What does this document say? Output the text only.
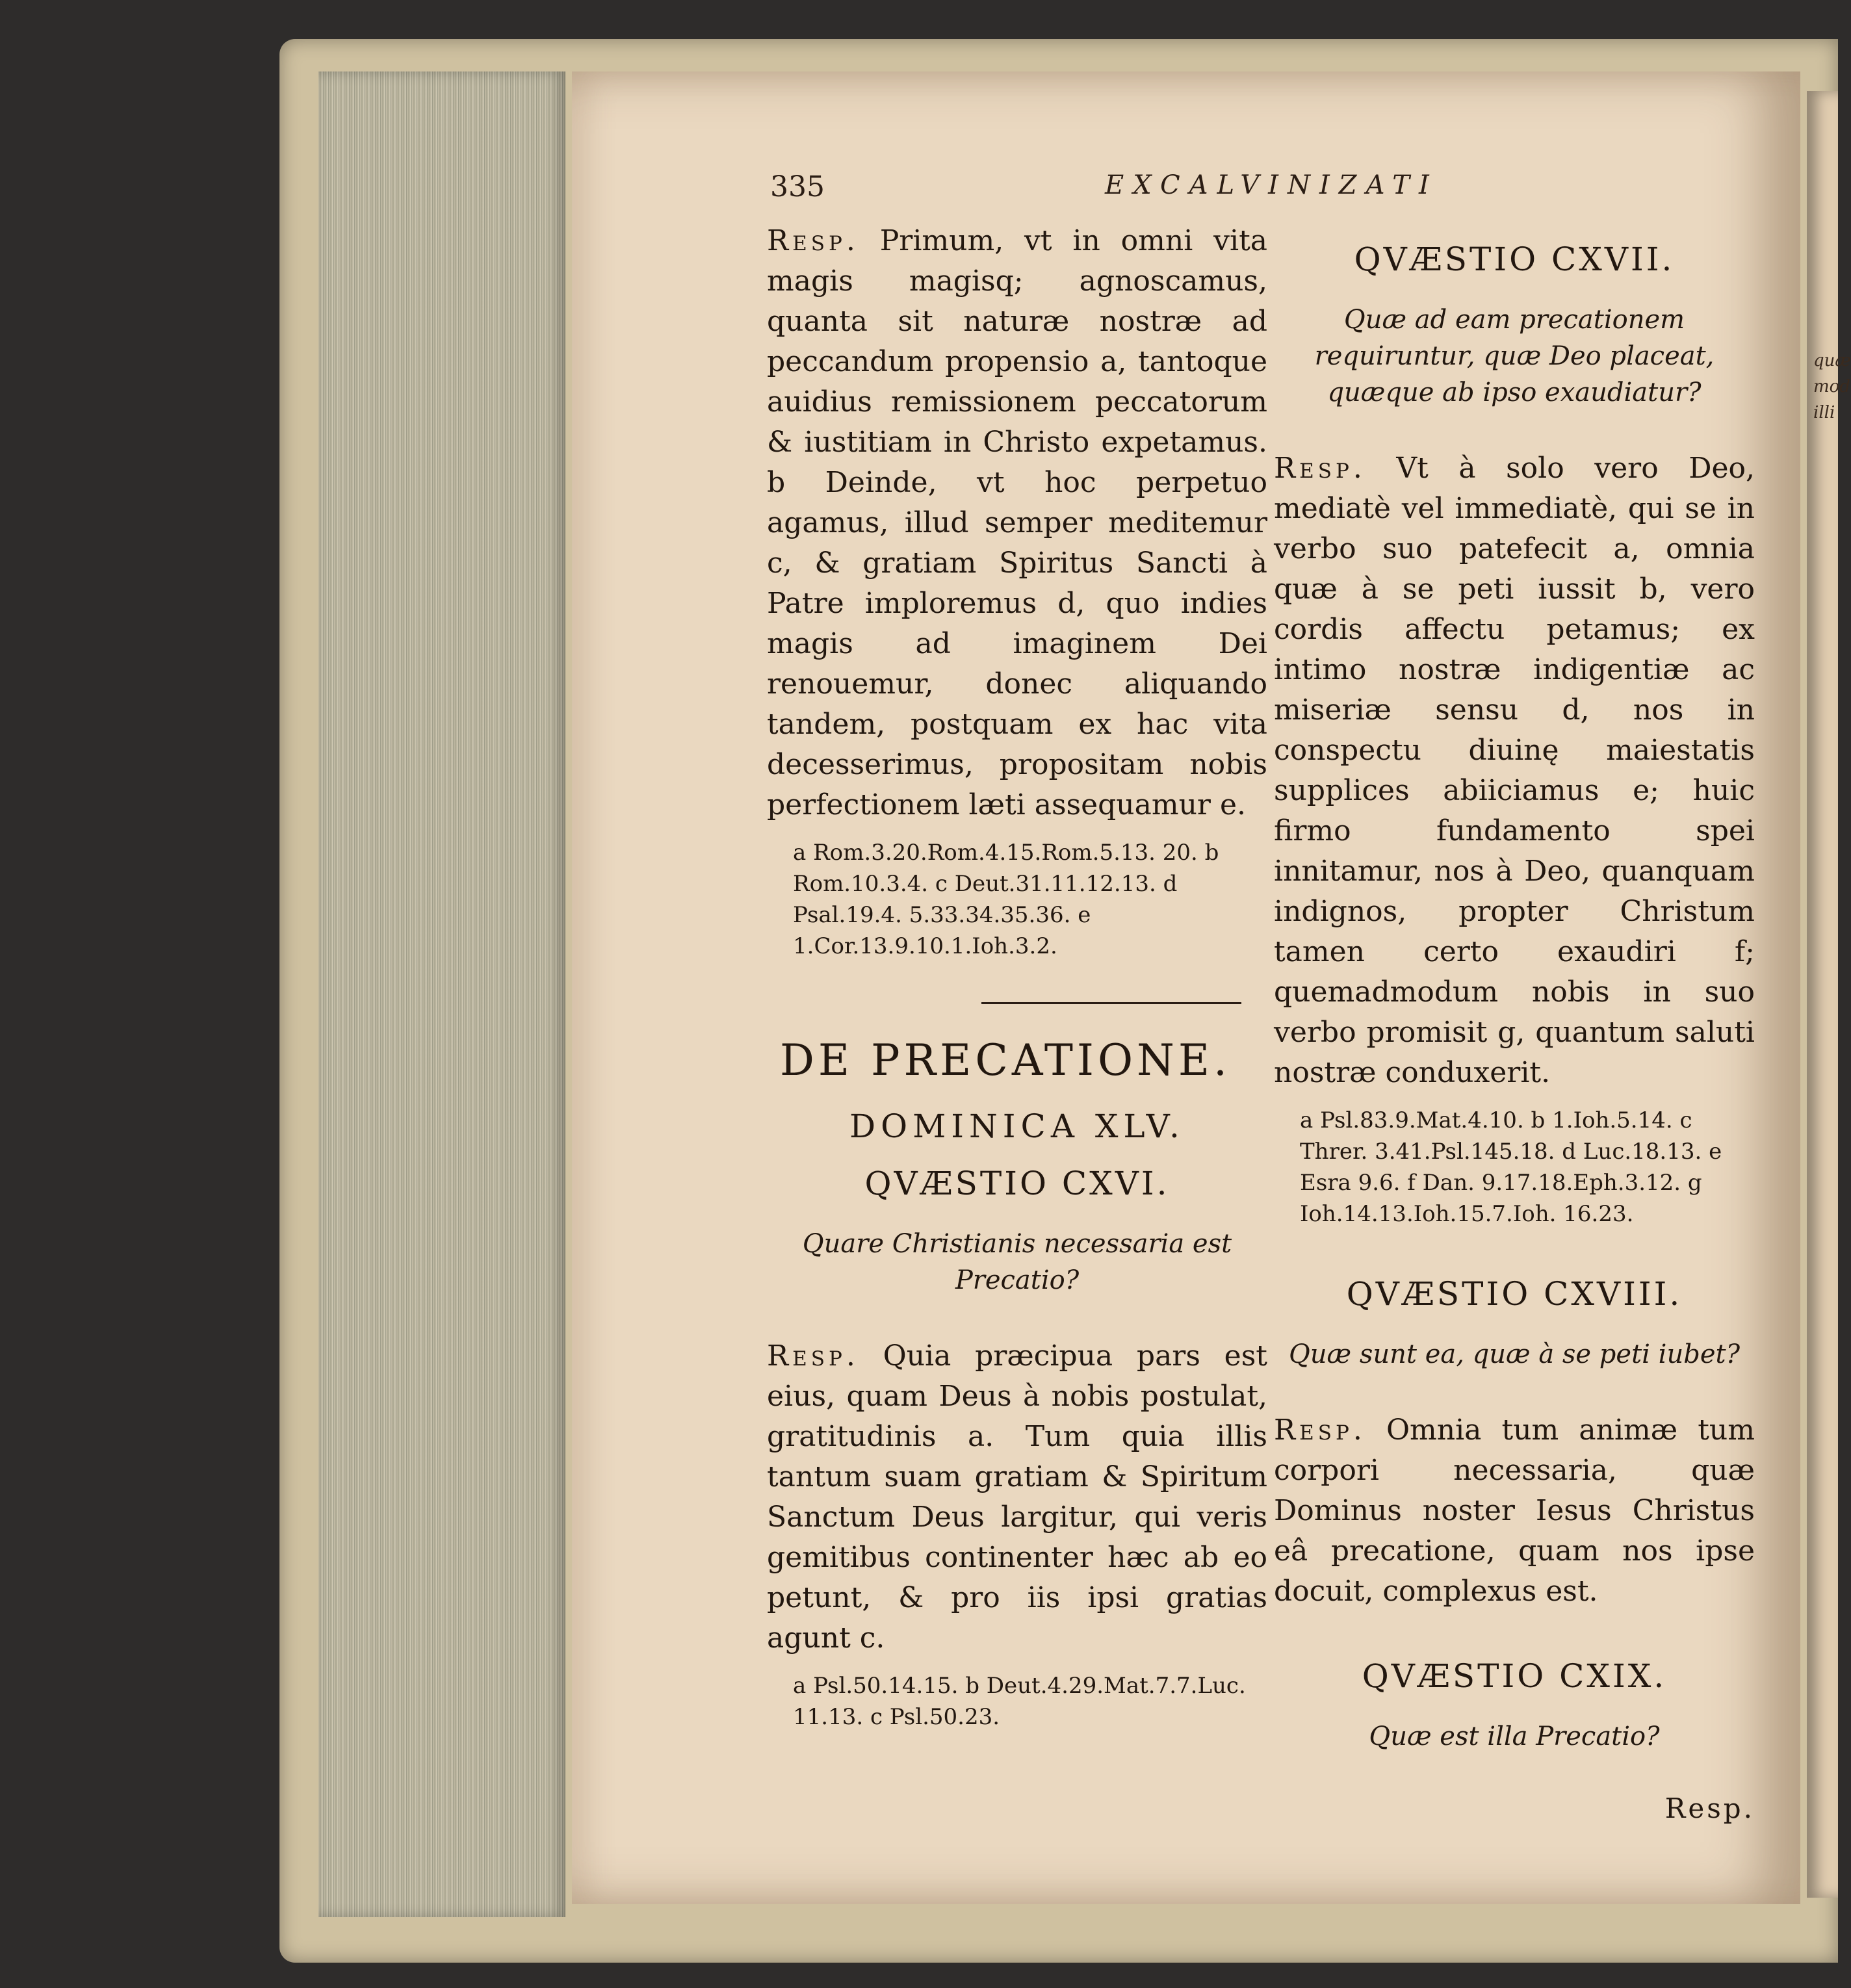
quæ
mod
illi
335	EXCALVINIZATI

Resp. Primum, vt in omni vita magis magisq; agnoscamus, quanta sit naturæ nostræ ad peccandum propensio a, tantoque auidius remissionem peccatorum & iustitiam in Christo expetamus. b Deinde, vt hoc perpetuo agamus, illud semper meditemur c, & gratiam Spiritus Sancti à Patre imploremus d, quo indies magis ad imaginem Dei renouemur, donec aliquando tandem, postquam ex hac vita decesserimus, propositam nobis perfectionem læti assequamur e.

a Rom.3.20.Rom.4.15.Rom.5.13. 20. b Rom.10.3.4. c Deut.31.11.12.13. d Psal.19.4. 5.33.34.35.36. e 1.Cor.13.9.10.1.Ioh.3.2.

DE PRECATIONE.
DOMINICA XLV.
QVÆSTIO CXVI.
Quare Christianis necessaria est Precatio?

Resp. Quia præcipua pars est eius, quam Deus à nobis postulat, gratitudinis a. Tum quia illis tantum suam gratiam & Spiritum Sanctum Deus largitur, qui veris gemitibus continenter hæc ab eo petunt, & pro iis ipsi gratias agunt c.

a Psl.50.14.15. b Deut.4.29.Mat.7.7.Luc. 11.13. c Psl.50.23.

QVÆSTIO CXVII.
Quæ ad eam precationem requiruntur, quæ Deo placeat, quæque ab ipso exaudiatur?

Resp. Vt à solo vero Deo, mediatè vel immediatè, qui se in verbo suo patefecit a, omnia quæ à se peti iussit b, vero cordis affectu petamus; ex intimo nostræ indigentiæ ac miseriæ sensu d, nos in conspectu diuinę maiestatis supplices abiiciamus e; huic firmo fundamento spei innitamur, nos à Deo, quanquam indignos, propter Christum tamen certo exaudiri f; quemadmodum nobis in suo verbo promisit g, quantum saluti nostræ conduxerit.

a Psl.83.9.Mat.4.10. b 1.Ioh.5.14. c Threr. 3.41.Psl.145.18. d Luc.18.13. e Esra 9.6. f Dan. 9.17.18.Eph.3.12. g Ioh.14.13.Ioh.15.7.Ioh. 16.23.

QVÆSTIO CXVIII.
Quæ sunt ea, quæ à se peti iubet?

Resp. Omnia tum animæ tum corpori necessaria, quæ Dominus noster Iesus Christus eâ precatione, quam nos ipse docuit, complexus est.

QVÆSTIO CXIX.
Quæ est illa Precatio?
Resp.
